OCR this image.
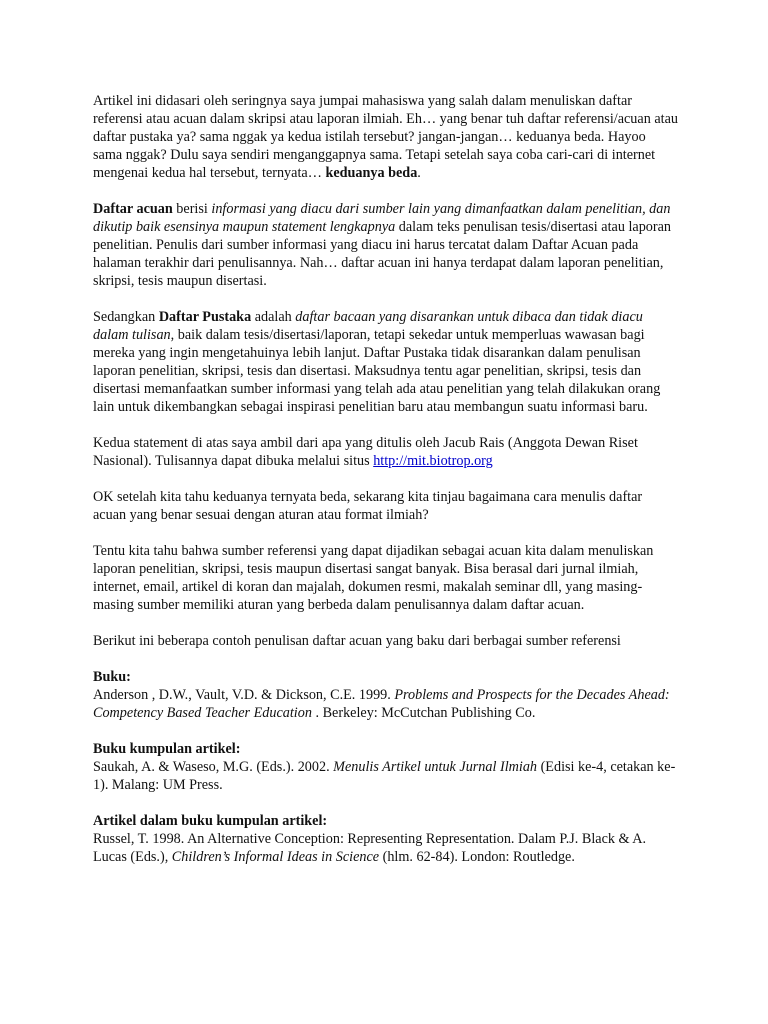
Artikel ini didasari oleh seringnya saya jumpai mahasiswa yang salah dalam menuliskan daftar referensi atau acuan dalam skripsi atau laporan ilmiah. Eh… yang benar tuh daftar referensi/acuan atau daftar pustaka ya? sama nggak ya kedua istilah tersebut? jangan-jangan… keduanya beda. Hayoo sama nggak? Dulu saya sendiri menganggapnya sama. Tetapi setelah saya coba cari-cari di internet mengenai kedua hal tersebut, ternyata… keduanya beda.

Daftar acuan berisi informasi yang diacu dari sumber lain yang dimanfaatkan dalam penelitian, dan dikutip baik esensinya maupun statement lengkapnya dalam teks penulisan tesis/disertasi atau laporan penelitian. Penulis dari sumber informasi yang diacu ini harus tercatat dalam Daftar Acuan pada halaman terakhir dari penulisannya. Nah… daftar acuan ini hanya terdapat dalam laporan penelitian, skripsi, tesis maupun disertasi.

Sedangkan Daftar Pustaka adalah daftar bacaan yang disarankan untuk dibaca dan tidak diacu dalam tulisan, baik dalam tesis/disertasi/laporan, tetapi sekedar untuk memperluas wawasan bagi mereka yang ingin mengetahuinya lebih lanjut. Daftar Pustaka tidak disarankan dalam penulisan laporan penelitian, skripsi, tesis dan disertasi. Maksudnya tentu agar penelitian, skripsi, tesis dan disertasi memanfaatkan sumber informasi yang telah ada atau penelitian yang telah dilakukan orang lain untuk dikembangkan sebagai inspirasi penelitian baru atau membangun suatu informasi baru.

Kedua statement di atas saya ambil dari apa yang ditulis oleh Jacub Rais (Anggota Dewan Riset Nasional). Tulisannya dapat dibuka melalui situs http://mit.biotrop.org

OK setelah kita tahu keduanya ternyata beda, sekarang kita tinjau bagaimana cara menulis daftar acuan yang benar sesuai dengan aturan atau format ilmiah?

Tentu kita tahu bahwa sumber referensi yang dapat dijadikan sebagai acuan kita dalam menuliskan laporan penelitian, skripsi, tesis maupun disertasi sangat banyak. Bisa berasal dari jurnal ilmiah, internet, email, artikel di koran dan majalah, dokumen resmi, makalah seminar dll, yang masing-masing sumber memiliki aturan yang berbeda dalam penulisannya dalam daftar acuan.

Berikut ini beberapa contoh penulisan daftar acuan yang baku dari berbagai sumber referensi

Buku:
Anderson , D.W., Vault, V.D. & Dickson, C.E. 1999. Problems and Prospects for the Decades Ahead: Competency Based Teacher Education . Berkeley: McCutchan Publishing Co.

Buku kumpulan artikel:
Saukah, A. & Waseso, M.G. (Eds.). 2002. Menulis Artikel untuk Jurnal Ilmiah (Edisi ke-4, cetakan ke-1). Malang: UM Press.

Artikel dalam buku kumpulan artikel:
Russel, T. 1998. An Alternative Conception: Representing Representation. Dalam P.J. Black & A. Lucas (Eds.), Children’s Informal Ideas in Science (hlm. 62-84). London: Routledge.
